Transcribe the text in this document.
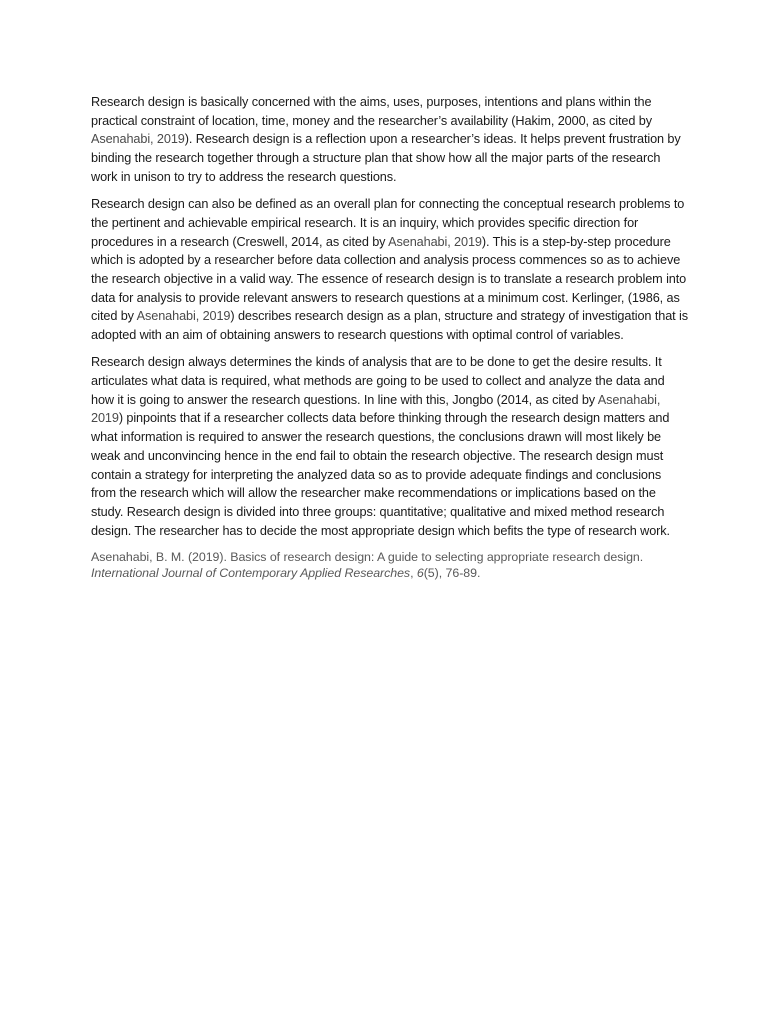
Research design is basically concerned with the aims, uses, purposes, intentions and plans within the practical constraint of location, time, money and the researcher’s availability (Hakim, 2000, as cited by Asenahabi, 2019). Research design is a reflection upon a researcher’s ideas. It helps prevent frustration by binding the research together through a structure plan that show how all the major parts of the research work in unison to try to address the research questions.

Research design can also be defined as an overall plan for connecting the conceptual research problems to the pertinent and achievable empirical research. It is an inquiry, which provides specific direction for procedures in a research (Creswell, 2014, as cited by Asenahabi, 2019). This is a step-by-step procedure which is adopted by a researcher before data collection and analysis process commences so as to achieve the research objective in a valid way. The essence of research design is to translate a research problem into data for analysis to provide relevant answers to research questions at a minimum cost. Kerlinger, (1986, as cited by Asenahabi, 2019) describes research design as a plan, structure and strategy of investigation that is adopted with an aim of obtaining answers to research questions with optimal control of variables.

Research design always determines the kinds of analysis that are to be done to get the desire results. It articulates what data is required, what methods are going to be used to collect and analyze the data and how it is going to answer the research questions. In line with this, Jongbo (2014, as cited by Asenahabi, 2019) pinpoints that if a researcher collects data before thinking through the research design matters and what information is required to answer the research questions, the conclusions drawn will most likely be weak and unconvincing hence in the end fail to obtain the research objective. The research design must contain a strategy for interpreting the analyzed data so as to provide adequate findings and conclusions from the research which will allow the researcher make recommendations or implications based on the study. Research design is divided into three groups: quantitative; qualitative and mixed method research design. The researcher has to decide the most appropriate design which befits the type of research work.

Asenahabi, B. M. (2019). Basics of research design: A guide to selecting appropriate research design. International Journal of Contemporary Applied Researches, 6(5), 76-89.
